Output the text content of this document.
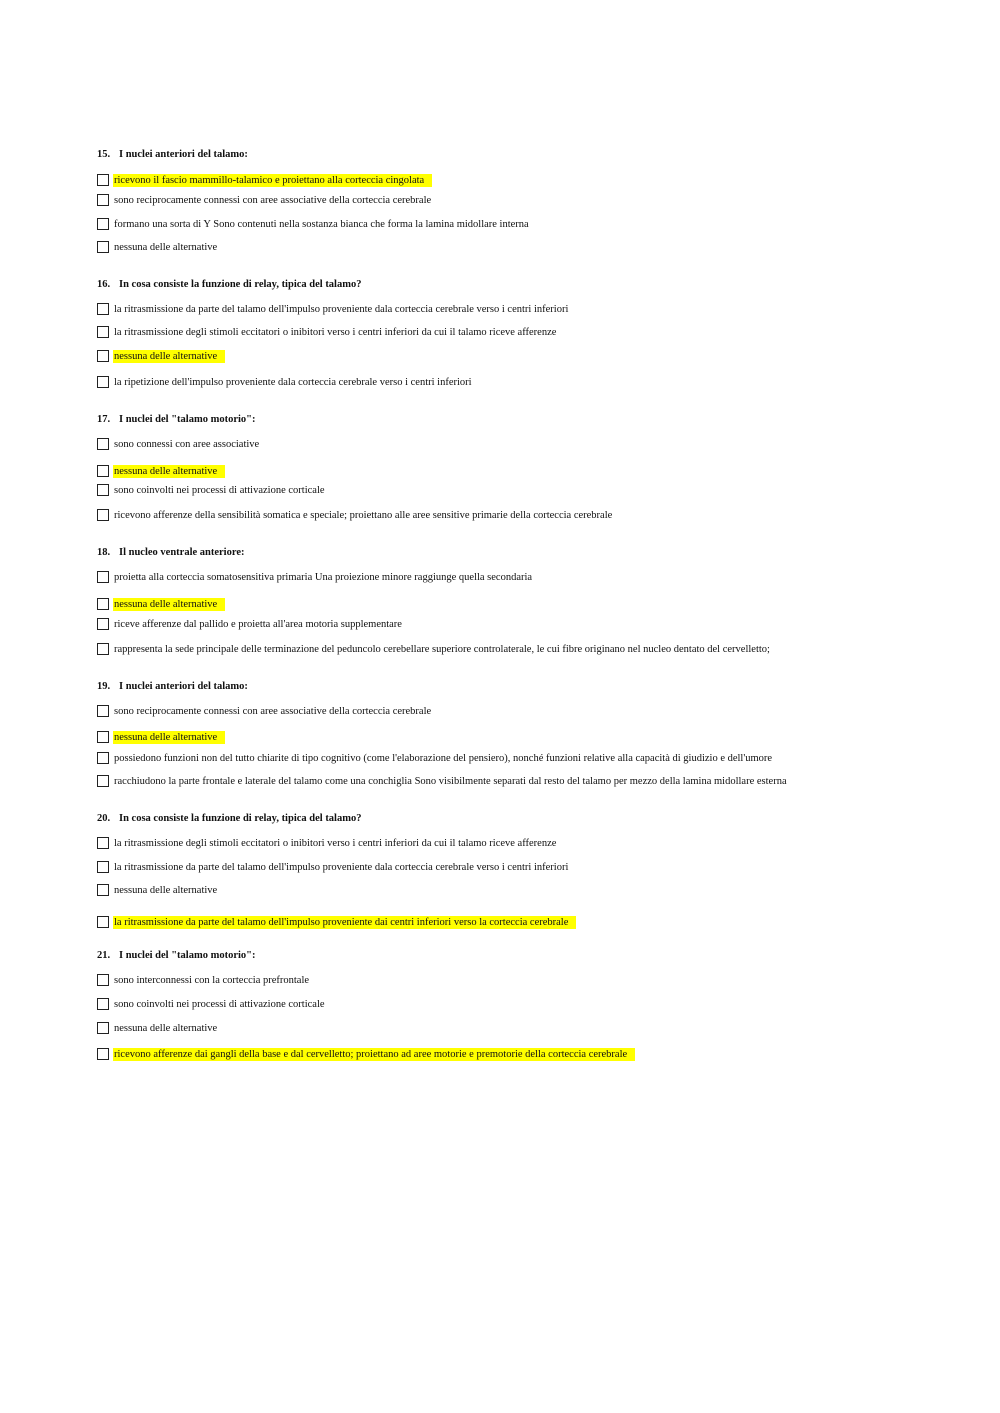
15. I nuclei anteriori del talamo:
ricevono il fascio mammillo-talamico e proiettano alla corteccia cingolata
sono reciprocamente connessi con aree associative della corteccia cerebrale
formano una sorta di Y Sono contenuti nella sostanza bianca che forma la lamina midollare interna
nessuna delle alternative
16. In cosa consiste la funzione di relay, tipica del talamo?
la ritrasmissione da parte del talamo dell'impulso proveniente dala corteccia cerebrale verso i centri inferiori
la ritrasmissione degli stimoli eccitatori o inibitori verso i centri inferiori da cui il talamo riceve afferenze
nessuna delle alternative
la ripetizione dell'impulso proveniente dala corteccia cerebrale verso i centri inferiori
17. I nuclei del "talamo motorio":
sono connessi con aree associative
nessuna delle alternative
sono coinvolti nei processi di attivazione corticale
ricevono afferenze della sensibilità somatica e speciale; proiettano alle aree sensitive primarie della corteccia cerebrale
18. Il nucleo ventrale anteriore:
proietta alla corteccia somatosensitiva primaria Una proiezione minore raggiunge quella secondaria
nessuna delle alternative
riceve afferenze dal pallido e proietta all'area motoria supplementare
rappresenta la sede principale delle terminazione del peduncolo cerebellare superiore controlaterale, le cui fibre originano nel nucleo dentato del cervelletto;
19. I nuclei anteriori del talamo:
sono reciprocamente connessi con aree associative della corteccia cerebrale
nessuna delle alternative
possiedono funzioni non del tutto chiarite di tipo cognitivo (come l'elaborazione del pensiero), nonché funzioni relative alla capacità di giudizio e dell'umore
racchiudono la parte frontale e laterale del talamo come una conchiglia Sono visibilmente separati dal resto del talamo per mezzo della lamina midollare esterna
20. In cosa consiste la funzione di relay, tipica del talamo?
la ritrasmissione degli stimoli eccitatori o inibitori verso i centri inferiori da cui il talamo riceve afferenze
la ritrasmissione da parte del talamo dell'impulso proveniente dala corteccia cerebrale verso i centri inferiori
nessuna delle alternative
la ritrasmissione da parte del talamo dell'impulso proveniente dai centri inferiori verso la corteccia cerebrale
21. I nuclei del "talamo motorio":
sono interconnessi con la corteccia prefrontale
sono coinvolti nei processi di attivazione corticale
nessuna delle alternative
ricevono afferenze dai gangli della base e dal cervelletto; proiettano ad aree motorie e premotorie della corteccia cerebrale
